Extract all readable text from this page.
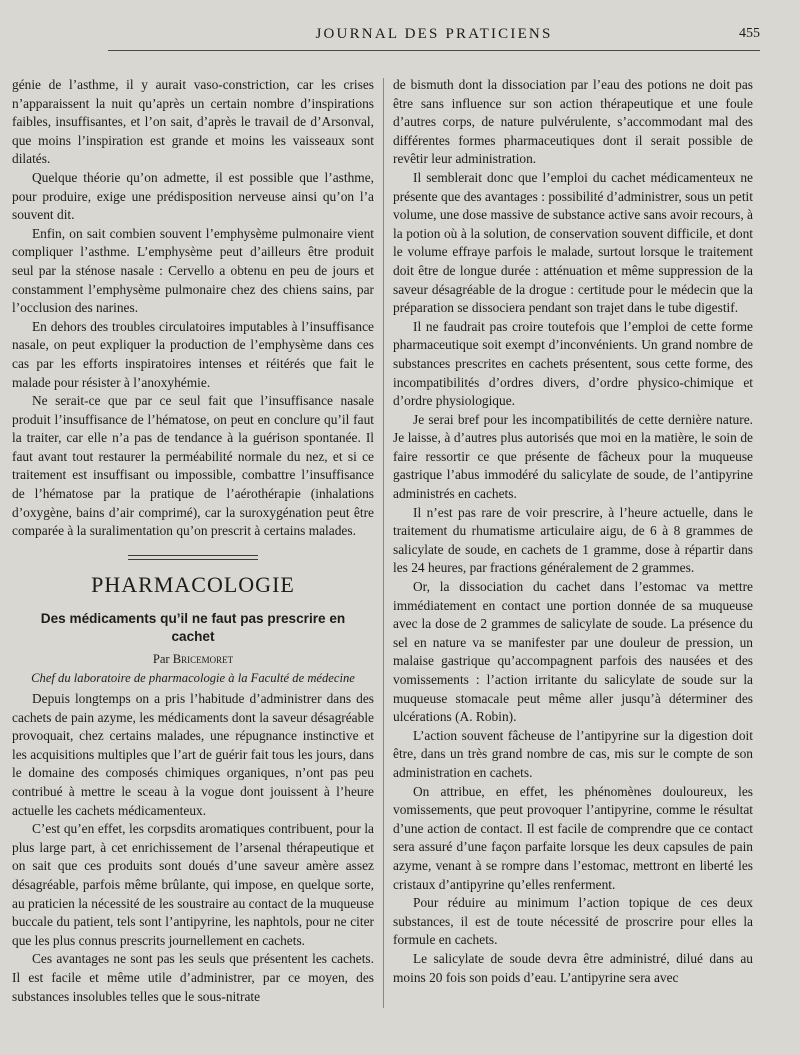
JOURNAL DES PRATICIENS	455

génie de l’asthme, il y aurait vaso-constriction, car les crises n’apparaissent la nuit qu’après un certain nombre d’inspirations faibles, insuffisantes, et l’on sait, d’après le travail de d’Arsonval, que moins l’inspiration est grande et moins les vaisseaux sont dilatés.

Quelque théorie qu’on admette, il est possible que l’asthme, pour produire, exige une prédisposition nerveuse ainsi qu’on l’a souvent dit.

Enfin, on sait combien souvent l’emphysème pulmonaire vient compliquer l’asthme. L’emphysème peut d’ailleurs être produit seul par la sténose nasale : Cervello a obtenu en peu de jours et constamment l’emphysème pulmonaire chez des chiens sains, par l’occlusion des narines.

En dehors des troubles circulatoires imputables à l’insuffisance nasale, on peut expliquer la production de l’emphysème dans ces cas par les efforts inspiratoires intenses et réitérés que fait le malade pour résister à l’anoxyhémie.

Ne serait-ce que par ce seul fait que l’insuffisance nasale produit l’insuffisance de l’hématose, on peut en conclure qu’il faut la traiter, car elle n’a pas de tendance à la guérison spontanée. Il faut avant tout restaurer la perméabilité normale du nez, et si ce traitement est insuffisant ou impossible, combattre l’insuffisance de l’hématose par la pratique de l’aérothérapie (inhalations d’oxygène, bains d’air comprimé), car la suroxygénation peut être comparée à la suralimentation qu’on prescrit à certains malades.

PHARMACOLOGIE
Des médicaments qu’il ne faut pas prescrire en cachet
Par Bricemoret
Chef du laboratoire de pharmacologie à la Faculté de médecine

Depuis longtemps on a pris l’habitude d’administrer dans des cachets de pain azyme, les médicaments dont la saveur désagréable provoquait, chez certains malades, une répugnance instinctive et les acquisitions multiples que l’art de guérir fait tous les jours, dans le domaine des composés chimiques organiques, n’ont pas peu contribué à mettre le sceau à la vogue dont jouissent à l’heure actuelle les cachets médicamenteux.

C’est qu’en effet, les corpsdits aromatiques contribuent, pour la plus large part, à cet enrichissement de l’arsenal thérapeutique et on sait que ces produits sont doués d’une saveur amère assez désagréable, parfois même brûlante, qui impose, en quelque sorte, au praticien la nécessité de les soustraire au contact de la muqueuse buccale du patient, tels sont l’antipyrine, les naphtols, pour ne citer que les plus connus prescrits journellement en cachets.

Ces avantages ne sont pas les seuls que présentent les cachets. Il est facile et même utile d’administrer, par ce moyen, des substances insolubles telles que le sous-nitrate

de bismuth dont la dissociation par l’eau des potions ne doit pas être sans influence sur son action thérapeutique et une foule d’autres corps, de nature pulvérulente, s’accommodant mal des différentes formes pharmaceutiques dont il serait possible de revêtir leur administration.

Il semblerait donc que l’emploi du cachet médicamenteux ne présente que des avantages : possibilité d’administrer, sous un petit volume, une dose massive de substance active sans avoir recours, à la potion où à la solution, de conservation souvent difficile, et dont le volume effraye parfois le malade, surtout lorsque le traitement doit être de longue durée : atténuation et même suppression de la saveur désagréable de la drogue : certitude pour le médecin que la préparation se dissociera pendant son trajet dans le tube digestif.

Il ne faudrait pas croire toutefois que l’emploi de cette forme pharmaceutique soit exempt d’inconvénients. Un grand nombre de substances prescrites en cachets présentent, sous cette forme, des incompatibilités d’ordres divers, d’ordre physico-chimique et d’ordre physiologique.

Je serai bref pour les incompatibilités de cette dernière nature. Je laisse, à d’autres plus autorisés que moi en la matière, le soin de faire ressortir ce que présente de fâcheux pour la muqueuse gastrique l’abus immodéré du salicylate de soude, de l’antipyrine administrés en cachets.

Il n’est pas rare de voir prescrire, à l’heure actuelle, dans le traitement du rhumatisme articulaire aigu, de 6 à 8 grammes de salicylate de soude, en cachets de 1 gramme, dose à répartir dans les 24 heures, par fractions généralement de 2 grammes.

Or, la dissociation du cachet dans l’estomac va mettre immédiatement en contact une portion donnée de sa muqueuse avec la dose de 2 grammes de salicylate de soude. La présence du sel en nature va se manifester par une douleur de pression, un malaise gastrique qu’accompagnent parfois des nausées et des vomissements : l’action irritante du salicylate de soude sur la muqueuse stomacale peut même aller jusqu’à déterminer des ulcérations (A. Robin).

L’action souvent fâcheuse de l’antipyrine sur la digestion doit être, dans un très grand nombre de cas, mis sur le compte de son administration en cachets.

On attribue, en effet, les phénomènes douloureux, les vomissements, que peut provoquer l’antipyrine, comme le résultat d’une action de contact. Il est facile de comprendre que ce contact sera assuré d’une façon parfaite lorsque les deux capsules de pain azyme, venant à se rompre dans l’estomac, mettront en liberté les cristaux d’antipyrine qu’elles renferment.

Pour réduire au minimum l’action topique de ces deux substances, il est de toute nécessité de proscrire pour elles la formule en cachets.

Le salicylate de soude devra être administré, dilué dans au moins 20 fois son poids d’eau. L’antipyrine sera avec
